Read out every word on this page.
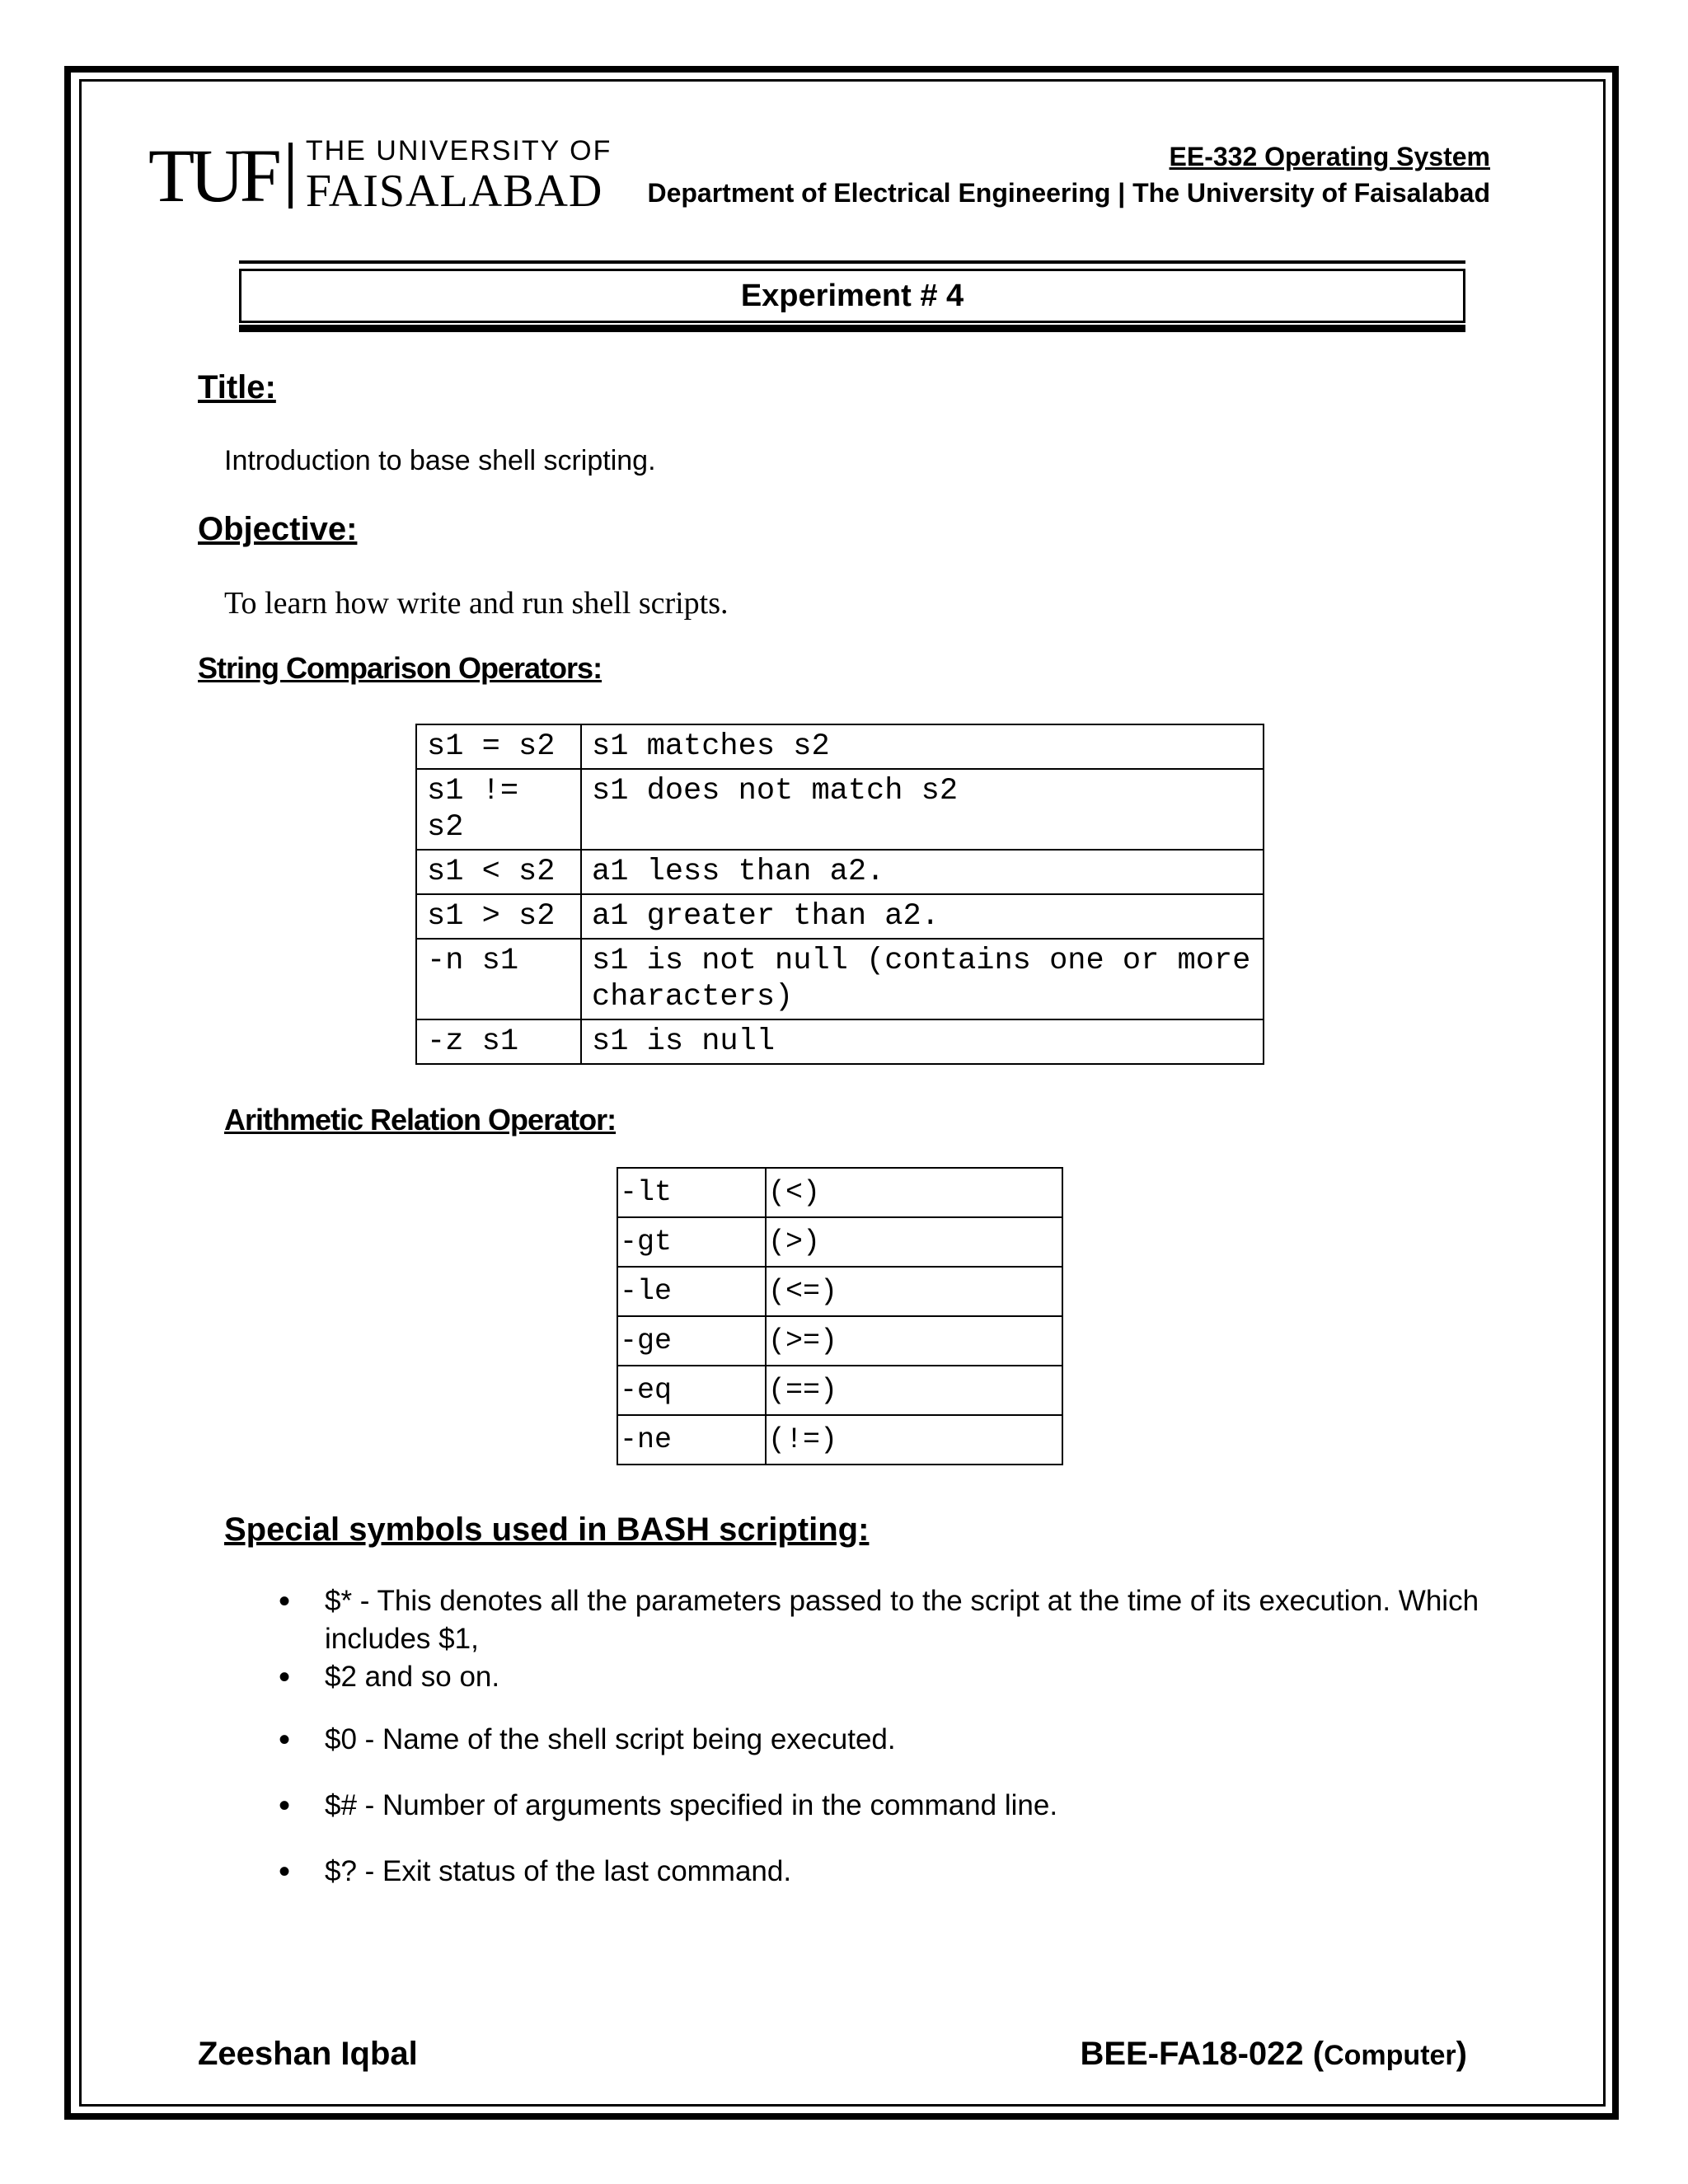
TUF THE UNIVERSITY OF
FAISALABAD
EE-332 Operating System
Department of Electrical Engineering | The University of Faisalabad
Experiment # 4
Title:
Introduction to base shell scripting.
Objective:
To learn how write and run shell scripts.
String Comparison Operators:
s1 = s2	s1 matches s2
s1 != s2	s1 does not match s2
s1 < s2	a1 less than a2.
s1 > s2	a1 greater than a2.
-n s1	s1 is not null (contains one or more characters)
-z s1	s1 is null
Arithmetic Relation Operator:
-lt	(<)
-gt	(>)
-le	(<=)
-ge	(>=)
-eq	(==)
-ne	(!=)
Special symbols used in BASH scripting:
• $* - This denotes all the parameters passed to the script at the time of its execution. Which includes $1,
• $2 and so on.
• $0 - Name of the shell script being executed.
• $# - Number of arguments specified in the command line.
• $? - Exit status of the last command.
Zeeshan Iqbal	BEE-FA18-022 (Computer)
